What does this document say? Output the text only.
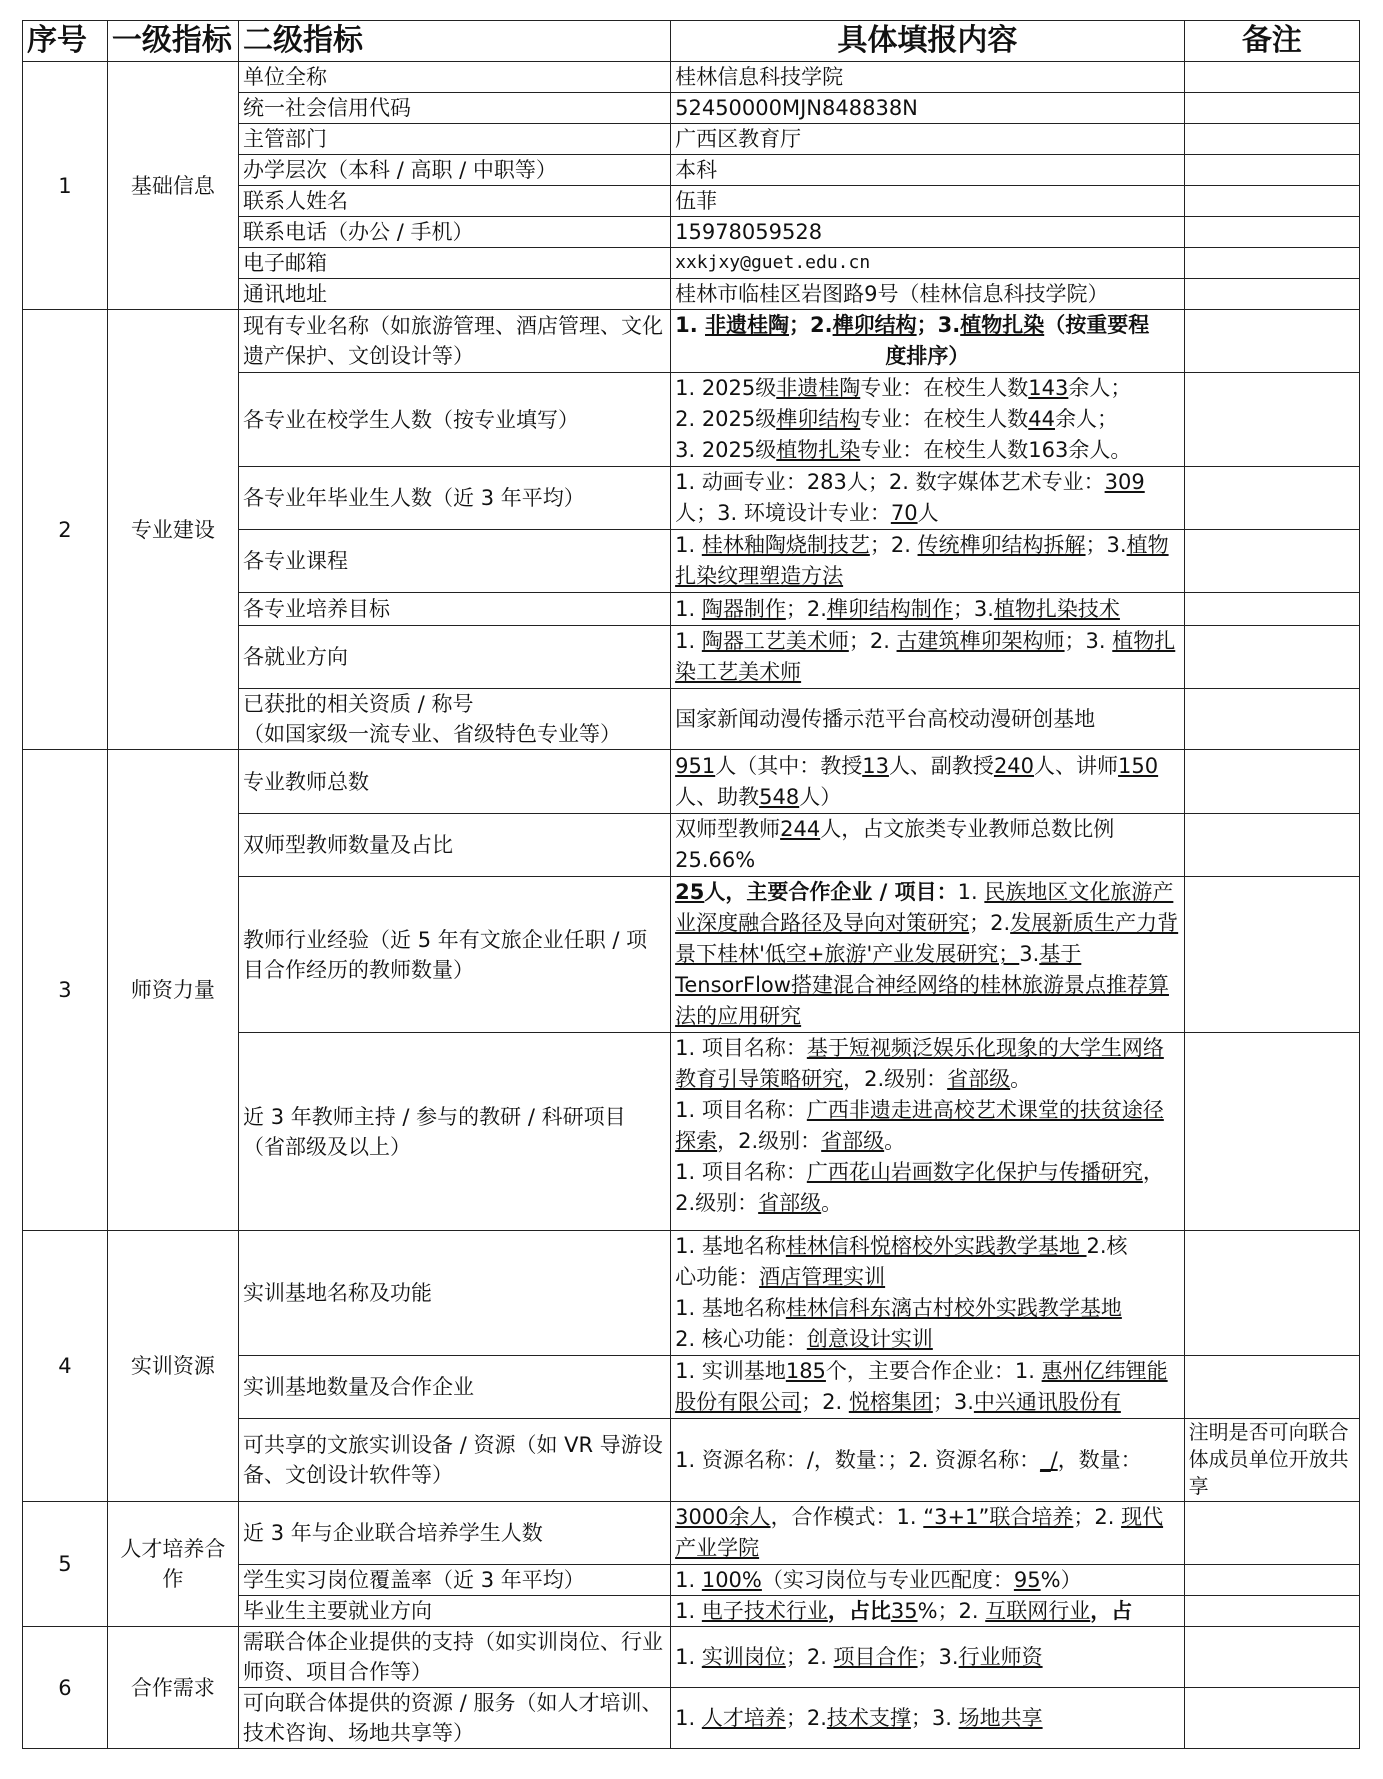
序号	一级指标	二级指标	具体填报内容	备注
1	基础信息	单位全称	桂林信息科技学院	
		统一社会信用代码	52450000MJN848838N	
		主管部门	广西区教育厅	
		办学层次（本科 / 高职 / 中职等）	本科	
		联系人姓名	伍菲	
		联系电话（办公 / 手机）	15978059528	
		电子邮箱	xxkjxy@guet.edu.cn	
		通讯地址	桂林市临桂区岩图路9号（桂林信息科技学院）	
2	专业建设	现有专业名称（如旅游管理、酒店管理、文化遗产保护、文创设计等）	1. 非遗桂陶；2.榫卯结构；3.植物扎染（按重要程
度排序）	

		各专业在校学生人数（按专业填写）	1. 2025级非遗桂陶专业：在校生人数143余人；
2. 2025级榫卯结构专业：在校生人数44余人；
3. 2025级植物扎染专业：在校生人数163余人。	

		各专业年毕业生人数（近 3 年平均）	1. 动画专业：283人；2. 数字媒体艺术专业：309人；3. 环境设计专业：70人	
		各专业课程	1. 桂林釉陶烧制技艺；2. 传统榫卯结构拆解；3.植物扎染纹理塑造方法	
		各专业培养目标	1. 陶器制作；2.榫卯结构制作；3.植物扎染技术	
		各就业方向	1. 陶器工艺美术师；2. 古建筑榫卯架构师；3. 植物扎染工艺美术师	

		已获批的相关资质 / 称号
（如国家级一流专业、省级特色专业等）	国家新闻动漫传播示范平台高校动漫研创基地	
3	师资力量	专业教师总数	951人（其中：教授13人、副教授240人、讲师150人、助教548人）	
		双师型教师数量及占比	双师型教师244人，占文旅类专业教师总数比例
25.66%	

		教师行业经验（近 5 年有文旅企业任职 / 项目合作经历的教师数量）	25人，主要合作企业 / 项目：1. 民族地区文化旅游产业深度融合路径及导向对策研究；2.发展新质生产力背景下桂林'低空+旅游'产业发展研究；3.基于TensorFlow搭建混合神经网络的桂林旅游景点推荐算法的应用研究	
		近 3 年教师主持 / 参与的教研 / 科研项目（省部级及以上）	1. 项目名称：基于短视频泛娱乐化现象的大学生网络教育引导策略研究，2.级别：省部级。
1. 项目名称：广西非遗走进高校艺术课堂的扶贫途径探索，2.级别：省部级。
1. 项目名称：广西花山岩画数字化保护与传播研究，2.级别：省部级。	

4	实训资源	实训基地名称及功能	1. 基地名称桂林信科悦榕校外实践教学基地 2.核
心功能：酒店管理实训
1. 基地名称桂林信科东漓古村校外实践教学基地
2. 核心功能：创意设计实训	

		实训基地数量及合作企业	1. 实训基地185个，主要合作企业：1. 惠州亿纬锂能股份有限公司；2. 悦榕集团；3.中兴通讯股份有	
		可共享的文旅实训设备 / 资源（如 VR 导游设备、文创设计软件等）	1. 资源名称：/，数量：；2. 资源名称：_/，数量：	注明是否可向联合体成员单位开放共享
5	人才培养合作	近 3 年与企业联合培养学生人数	3000余人，合作模式：1. “3+1”联合培养；2. 现代产业学院	
		学生实习岗位覆盖率（近 3 年平均）	1. 100%（实习岗位与专业匹配度：95%）	
		毕业生主要就业方向	1. 电子技术行业，占比35%；2. 互联网行业，占	
6	合作需求	需联合体企业提供的支持（如实训岗位、行业师资、项目合作等）	1. 实训岗位；2. 项目合作；3.行业师资	
		可向联合体提供的资源 / 服务（如人才培训、技术咨询、场地共享等）	1. 人才培养；2.技术支撑；3. 场地共享	
